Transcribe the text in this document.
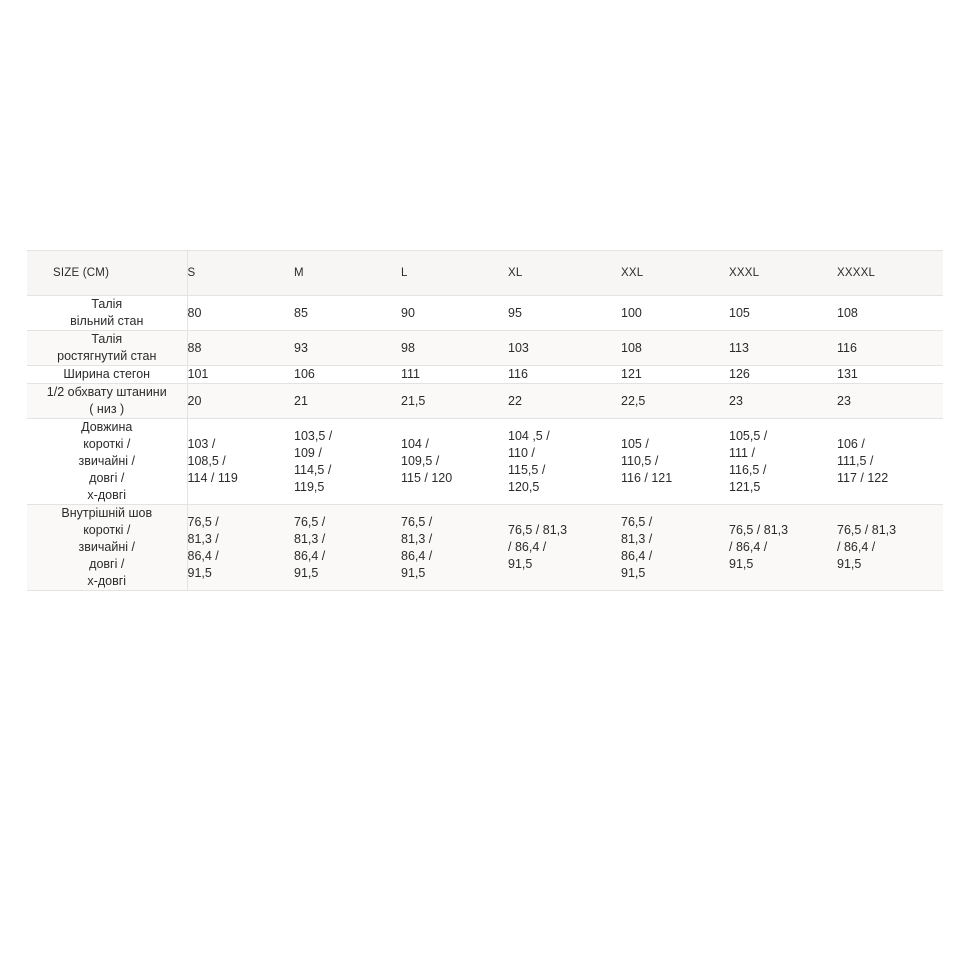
SIZE (CM)	S	M	L	XL	XXL	XXXL	XXXXL

Талія
вільний стан	80	85	90	95	100	105	108

Талія
ростягнутий стан	88	93	98	103	108	113	116

Ширина стегон	101	106	111	116	121	126	131

1/2 обхвату штанини
( низ )	20	21	21,5	22	22,5	23	23

Довжина
короткі /
звичайні /
довгі /
х-довгі	103 /
108,5 /
114 / 119	103,5 /
109 /
114,5 /
119,5	104 /
109,5 /
115 / 120	104 ,5 /
110 /
115,5 /
120,5	105 /
110,5 /
116 / 121	105,5 /
111 /
116,5 /
121,5	106 /
111,5 /
117 / 122

Внутрішній шов
короткі /
звичайні /
довгі /
х-довгі	76,5 /
81,3 /
86,4 /
91,5	76,5 /
81,3 /
86,4 /
91,5	76,5 /
81,3 /
86,4 /
91,5	76,5 / 81,3
/ 86,4 /
91,5	76,5 /
81,3 /
86,4 /
91,5	76,5 / 81,3
/ 86,4 /
91,5	76,5 / 81,3
/ 86,4 /
91,5
